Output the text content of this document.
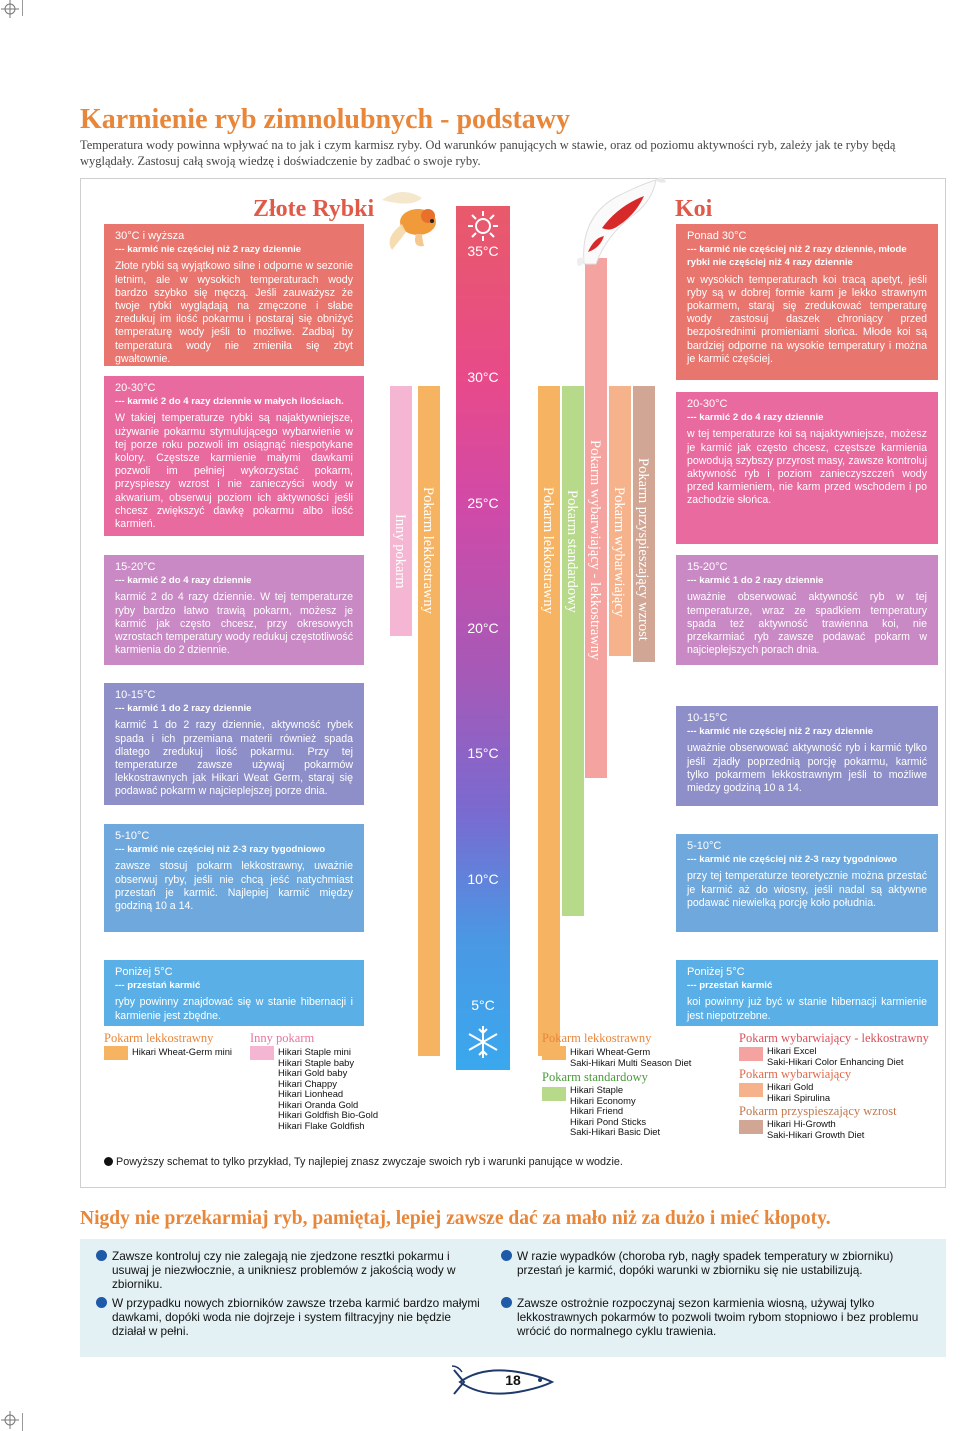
Karmienie ryb zimnolubnych - podstawy
Temperatura wody powinna wpływać na to jak i czym karmisz ryby. Od warunków panujących w stawie, oraz od poziomu aktywności ryb, zależy jak te ryby będą wyglądały. Zastosuj całą swoją wiedzę i doświadczenie by zadbać o swoje ryby.
Złote Rybki
30°C i wyższa
--- karmić nie częściej niż 2 razy dziennie
Złote rybki są wyjątkowo silne i odporne w sezonie letnim, ale w wysokich temperaturach wody bardzo szybko się męczą. Jeśli zauważysz że twoje rybki wyglądają na zmęczone i słabe zredukuj im ilość pokarmu i postaraj się obniżyć temperaturę wody jeśli to możliwe. Zadbaj by temperatura wody nie zmieniła się zbyt gwałtownie.
20-30°C
--- karmić 2 do 4 razy dziennie w małych ilościach.
W takiej temperaturze rybki są najaktywniejsze, używanie pokarmu stymulującego wybarwienie w tej porze roku pozwoli im osiągnąć niespotykane kolory. Częstsze karmienie małymi dawkami pozwoli im pełniej wykorzystać pokarm, przyspieszy wzrost i nie zanieczyści wody w akwarium, obserwuj poziom ich aktywności jeśli chcesz zwiększyć dawkę pokarmu albo ilość karmień.
15-20°C
--- karmić 2 do 4 razy dziennie
karmić 2 do 4 razy dziennie. W tej temperaturze ryby bardzo łatwo trawią pokarm, możesz je karmić jak często chcesz, przy okresowych wzrostach temperatury wody redukuj częstotliwość karmienia do 2 dziennie.
10-15°C
--- karmić 1 do 2 razy dziennie
karmić 1 do 2 razy dziennie, aktywność rybek spada i ich przemiana materii również spada dlatego zredukuj ilość pokarmu. Przy tej temperaturze zawsze używaj pokarmów lekkostrawnych jak Hikari Weat Germ, staraj się podawać pokarm w najcieplejszej porze dnia.
5-10°C
--- karmić nie częściej niż 2-3 razy tygodniowo
zawsze stosuj pokarm lekkostrawny, uważnie obserwuj ryby, jeśli nie chcą jeść natychmiast przestań je karmić. Najlepiej karmić między godziną 10 a 14.
Poniżej 5°C
--- przestań karmić
ryby powinny znajdować się w stanie hibernacji i karmienie jest zbędne.
Inny pokarm Pokarm lekkostrawny
35°C
30°C
25°C
20°C
15°C
10°C
5°C
Pokarm lekkostrawny Pokarm standardowy Pokarm wybarwiający - lekkostrawny Pokarm wybarwiający Pokarm przyspieszający wzrost
Koi
Ponad 30°C
--- karmić nie częściej niż 2 razy dziennie, młode rybki nie częściej niż 4 razy dziennie
w wysokich temperaturach koi tracą apetyt, jeśli ryby są w dobrej formie karm je lekko strawnym pokarmem, staraj się zredukować temperaturę wody zastosuj daszek chroniący przed bezpośrednimi promieniami słońca. Młode koi są bardziej odporne na wysokie temperatury i można je karmić częściej.
20-30°C
--- karmić 2 do 4 razy dziennie
w tej temperaturze koi są najaktywniejsze, możesz je karmić jak często chcesz, częstsze karmienia powodują szybszy przyrost masy, zawsze kontroluj aktywność ryb i poziom zanieczyszczeń wody przed karmieniem, nie karm przed wschodem i po zachodzie słońca.
15-20°C
--- karmić 1 do 2 razy dziennie
uważnie obserwować aktywność ryb w tej temperaturze, wraz ze spadkiem temperatury spada też aktywność trawienna koi, nie przekarmiać ryb zawsze podawać pokarm w najcieplejszych porach dnia.
10-15°C
--- karmić nie częściej niż 2 razy dziennie
uważnie obserwować aktywność ryb i karmić tylko jeśli zjadły poprzednią porcję pokarmu, karmić tylko pokarmem lekkostrawnym jeśli to możliwe miedzy godziną 10 a 14.
5-10°C
--- karmić nie częściej niż 2-3 razy tygodniowo
przy tej temperaturze teoretycznie można przestać je karmić aż do wiosny, jeśli nadal są aktywne podawać niewielką porcję koło południa.
Poniżej 5°C
--- przestań karmić
koi powinny już być w stanie hibernacji karmienie jest niepotrzebne.
Pokarm lekkostrawny
Hikari Wheat-Germ mini
Inny pokarm
Hikari Staple mini
Hikari Staple baby
Hikari Gold baby
Hikari Chappy
Hikari Lionhead
Hikari Oranda Gold
Hikari Goldfish Bio-Gold
Hikari Flake Goldfish
Pokarm lekkostrawny
Hikari Wheat-Germ
Saki-Hikari Multi Season Diet
Pokarm standardowy
Hikari Staple
Hikari Economy
Hikari Friend
Hikari Pond Sticks
Saki-Hikari Basic Diet
Pokarm wybarwiający - lekkostrawny
Hikari Excel
Saki-Hikari Color Enhancing Diet
Pokarm wybarwiający
Hikari Gold
Hikari Spirulina
Pokarm przyspieszający wzrost
Hikari Hi-Growth
Saki-Hikari Growth Diet
Powyższy schemat to tylko przykład, Ty najlepiej znasz zwyczaje swoich ryb i warunki panujące w wodzie.
Nigdy nie przekarmiaj ryb, pamiętaj, lepiej zawsze dać za mało niż za dużo i mieć kłopoty.
Zawsze kontroluj czy nie zalegają nie zjedzone resztki pokarmu i usuwaj je niezwłocznie, a unikniesz problemów z jakością wody w zbiorniku.
W przypadku nowych zbiorników zawsze trzeba karmić bardzo małymi dawkami, dopóki woda nie dojrzeje i system filtracyjny nie będzie działał w pełni.
W razie wypadków (choroba ryb, nagły spadek temperatury w zbiorniku) przestań je karmić, dopóki warunki w zbiorniku się nie ustabilizują.
Zawsze ostrożnie rozpoczynaj sezon karmienia wiosną, używaj tylko lekkostrawnych pokarmów to pozwoli twoim rybom stopniowo i bez problemu wrócić do normalnego cyklu trawienia.
18
